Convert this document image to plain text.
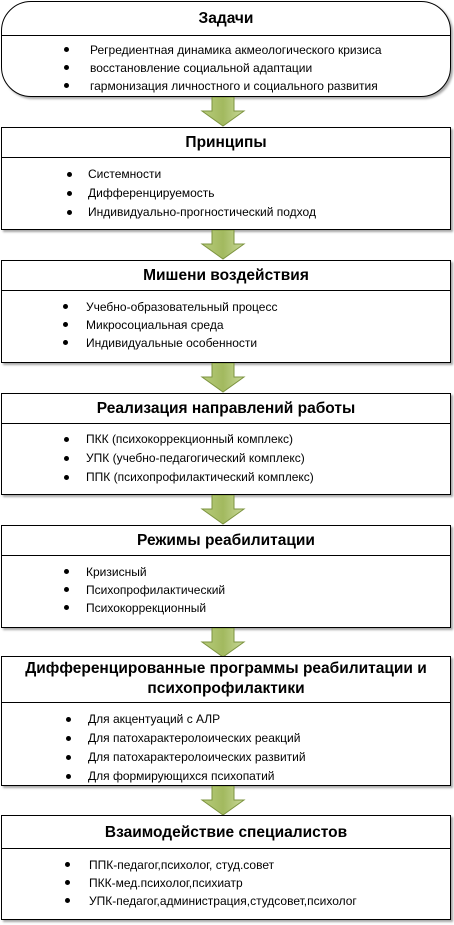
Задачи
Регредиентная динамика акмеологического кризиса
восстановление социальной адаптации
гармонизация личностного и социального развития
Принципы
Системности
Дифференцируемость
Индивидуально-прогностический подход
Мишени воздействия
Учебно-образовательный процесс
Микросоциальная среда
Индивидуальные особенности
Реализация направлений работы
ПКК (психокоррекционный комплекс)
УПК (учебно-педагогический комплекс)
ППК (психопрофилактический комплекс)
Режимы реабилитации
Кризисный
Психопрофилактический
Психокоррекционный
Дифференцированные программы реабилитации и
психопрофилактики
Для акцентуаций с АЛР
Для патохарактеролоических реакций
Для патохарактеролоических развитий
Для формирующихся психопатий
Взаимодействие специалистов
ППК-педагог,психолог, студ.совет
ПКК-мед.психолог,психиатр
УПК-педагог,администрация,студсовет,психолог
